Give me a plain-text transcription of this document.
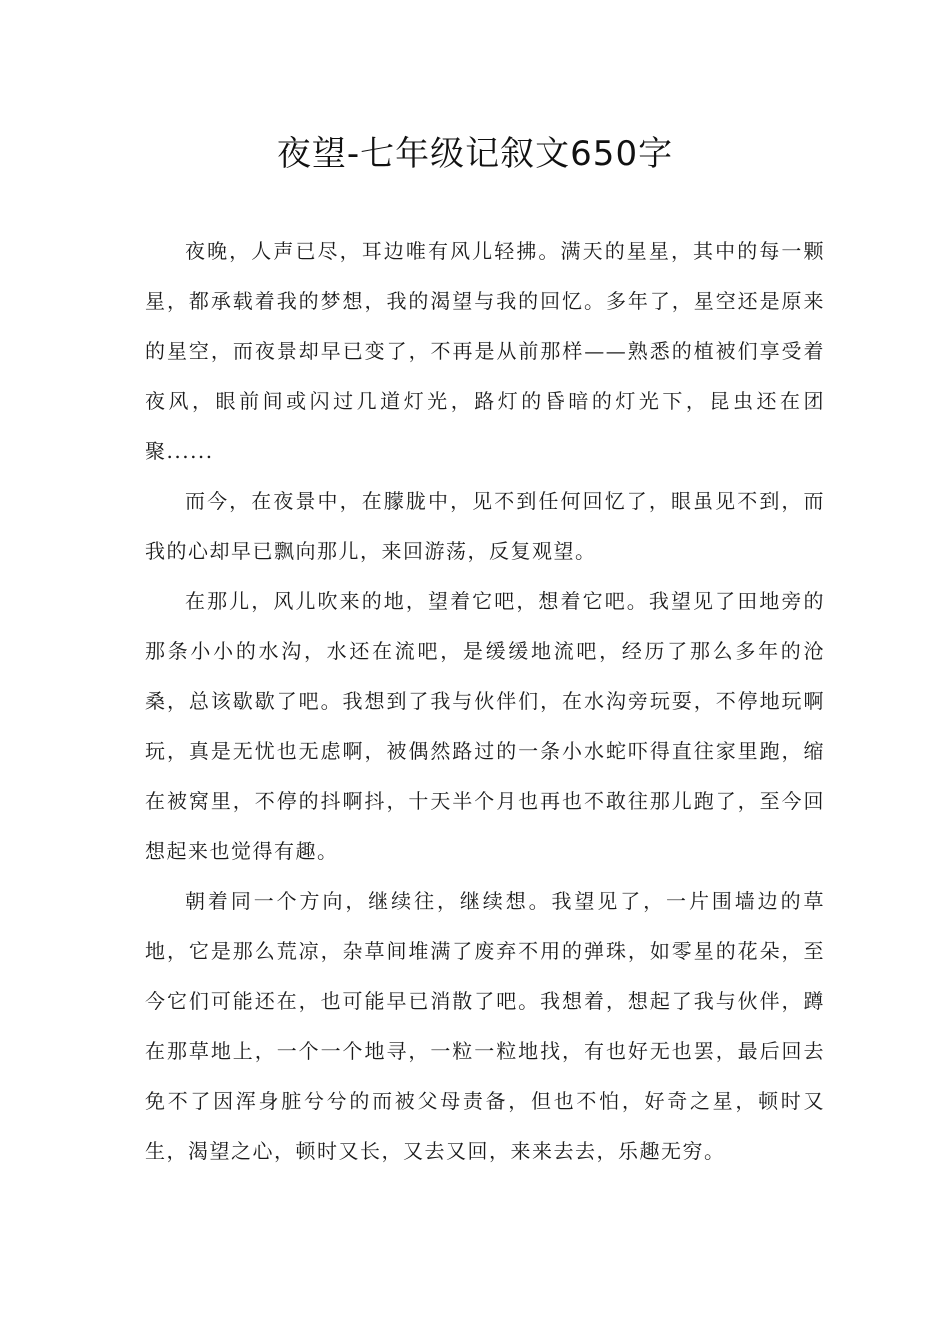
夜望-七年级记叙文650字

夜晚，人声已尽，耳边唯有风儿轻拂。满天的星星，其中的每一颗星，都承载着我的梦想，我的渴望与我的回忆。多年了，星空还是原来的星空，而夜景却早已变了，不再是从前那样——熟悉的植被们享受着夜风，眼前间或闪过几道灯光，路灯的昏暗的灯光下，昆虫还在团聚......

而今，在夜景中，在朦胧中，见不到任何回忆了，眼虽见不到，而我的心却早已飘向那儿，来回游荡，反复观望。

在那儿，风儿吹来的地，望着它吧，想着它吧。我望见了田地旁的那条小小的水沟，水还在流吧，是缓缓地流吧，经历了那么多年的沧桑，总该歇歇了吧。我想到了我与伙伴们，在水沟旁玩耍，不停地玩啊玩，真是无忧也无虑啊，被偶然路过的一条小水蛇吓得直往家里跑，缩在被窝里，不停的抖啊抖，十天半个月也再也不敢往那儿跑了，至今回想起来也觉得有趣。

朝着同一个方向，继续往，继续想。我望见了，一片围墙边的草地，它是那么荒凉，杂草间堆满了废弃不用的弹珠，如零星的花朵，至今它们可能还在，也可能早已消散了吧。我想着，想起了我与伙伴，蹲在那草地上，一个一个地寻，一粒一粒地找，有也好无也罢，最后回去免不了因浑身脏兮兮的而被父母责备，但也不怕，好奇之星，顿时又生，渴望之心，顿时又长，又去又回，来来去去，乐趣无穷。
